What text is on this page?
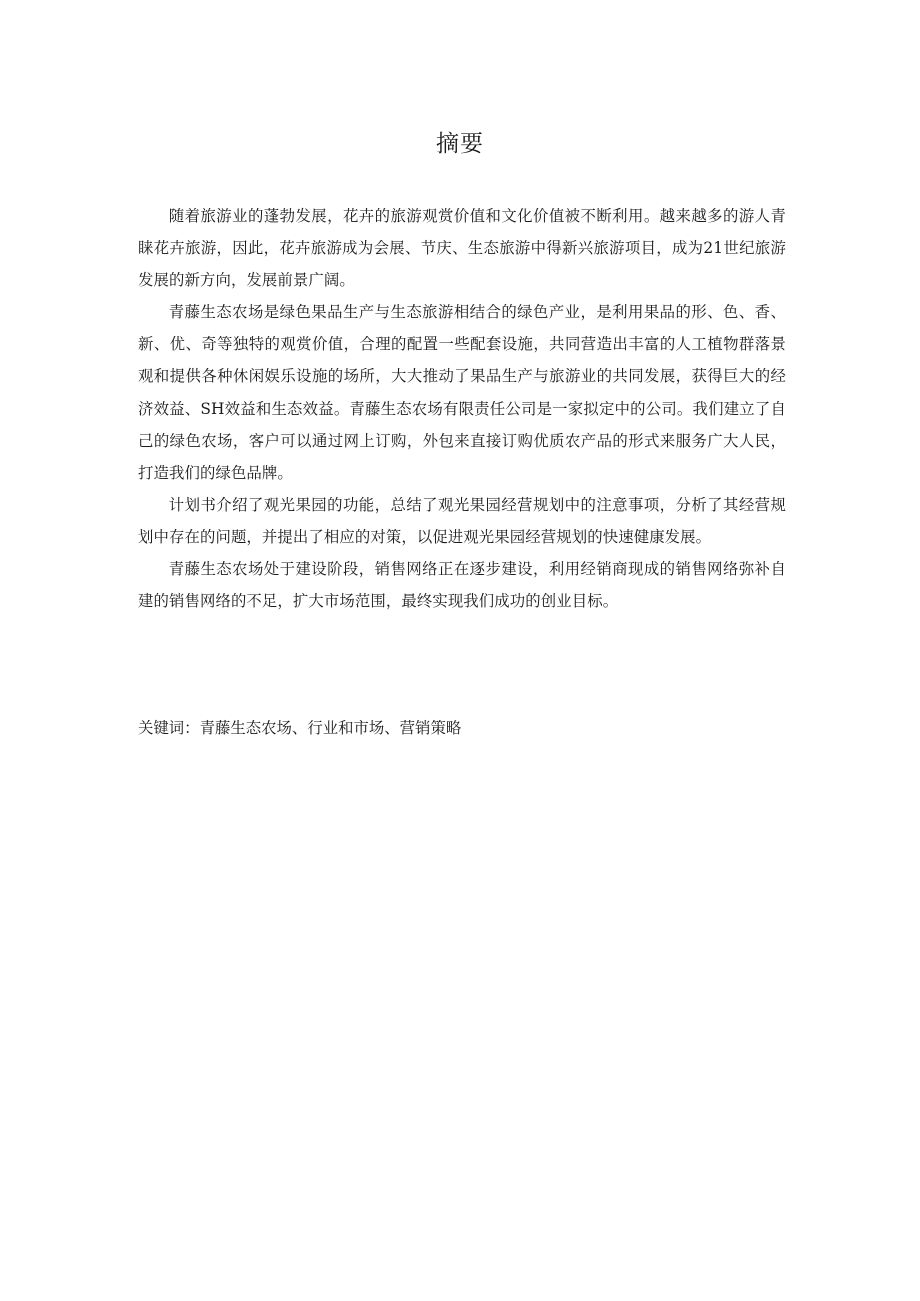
摘要

随着旅游业的蓬勃发展，花卉的旅游观赏价值和文化价值被不断利用。越来越多的游人青睐花卉旅游，因此，花卉旅游成为会展、节庆、生态旅游中得新兴旅游项目，成为21世纪旅游发展的新方向，发展前景广阔。

青藤生态农场是绿色果品生产与生态旅游相结合的绿色产业，是利用果品的形、色、香、新、优、奇等独特的观赏价值，合理的配置一些配套设施，共同营造出丰富的人工植物群落景观和提供各种休闲娱乐设施的场所，大大推动了果品生产与旅游业的共同发展，获得巨大的经济效益、SH效益和生态效益。青藤生态农场有限责任公司是一家拟定中的公司。我们建立了自己的绿色农场，客户可以通过网上订购，外包来直接订购优质农产品的形式来服务广大人民，打造我们的绿色品牌。

计划书介绍了观光果园的功能，总结了观光果园经营规划中的注意事项，分析了其经营规划中存在的问题，并提出了相应的对策，以促进观光果园经营规划的快速健康发展。

青藤生态农场处于建设阶段，销售网络正在逐步建设，利用经销商现成的销售网络弥补自建的销售网络的不足，扩大市场范围，最终实现我们成功的创业目标。

关键词：青藤生态农场、行业和市场、营销策略
